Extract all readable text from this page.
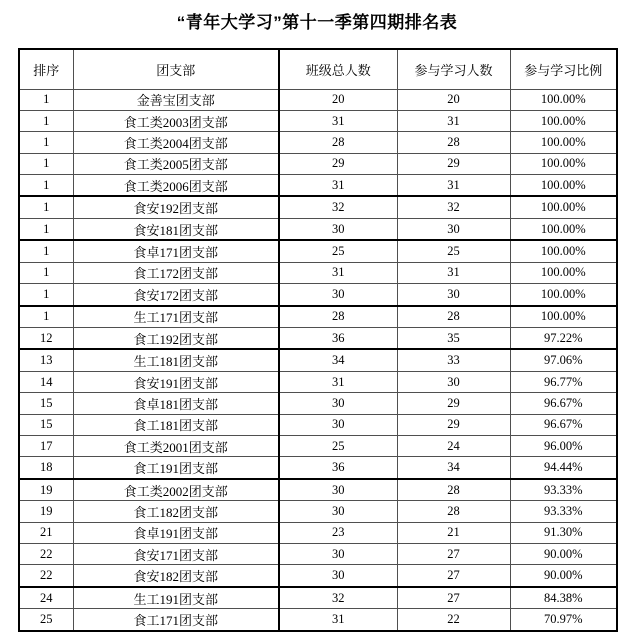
“青年大学习”第十一季第四期排名表
排序	团支部	班级总人数	参与学习人数	参与学习比例
1	金善宝团支部	20	20	100.00%
1	食工类2003团支部	31	31	100.00%
1	食工类2004团支部	28	28	100.00%
1	食工类2005团支部	29	29	100.00%
1	食工类2006团支部	31	31	100.00%
1	食安192团支部	32	32	100.00%
1	食安181团支部	30	30	100.00%
1	食卓171团支部	25	25	100.00%
1	食工172团支部	31	31	100.00%
1	食安172团支部	30	30	100.00%
1	生工171团支部	28	28	100.00%
12	食工192团支部	36	35	97.22%
13	生工181团支部	34	33	97.06%
14	食安191团支部	31	30	96.77%
15	食卓181团支部	30	29	96.67%
15	食工181团支部	30	29	96.67%
17	食工类2001团支部	25	24	96.00%
18	食工191团支部	36	34	94.44%
19	食工类2002团支部	30	28	93.33%
19	食工182团支部	30	28	93.33%
21	食卓191团支部	23	21	91.30%
22	食安171团支部	30	27	90.00%
22	食安182团支部	30	27	90.00%
24	生工191团支部	32	27	84.38%
25	食工171团支部	31	22	70.97%
